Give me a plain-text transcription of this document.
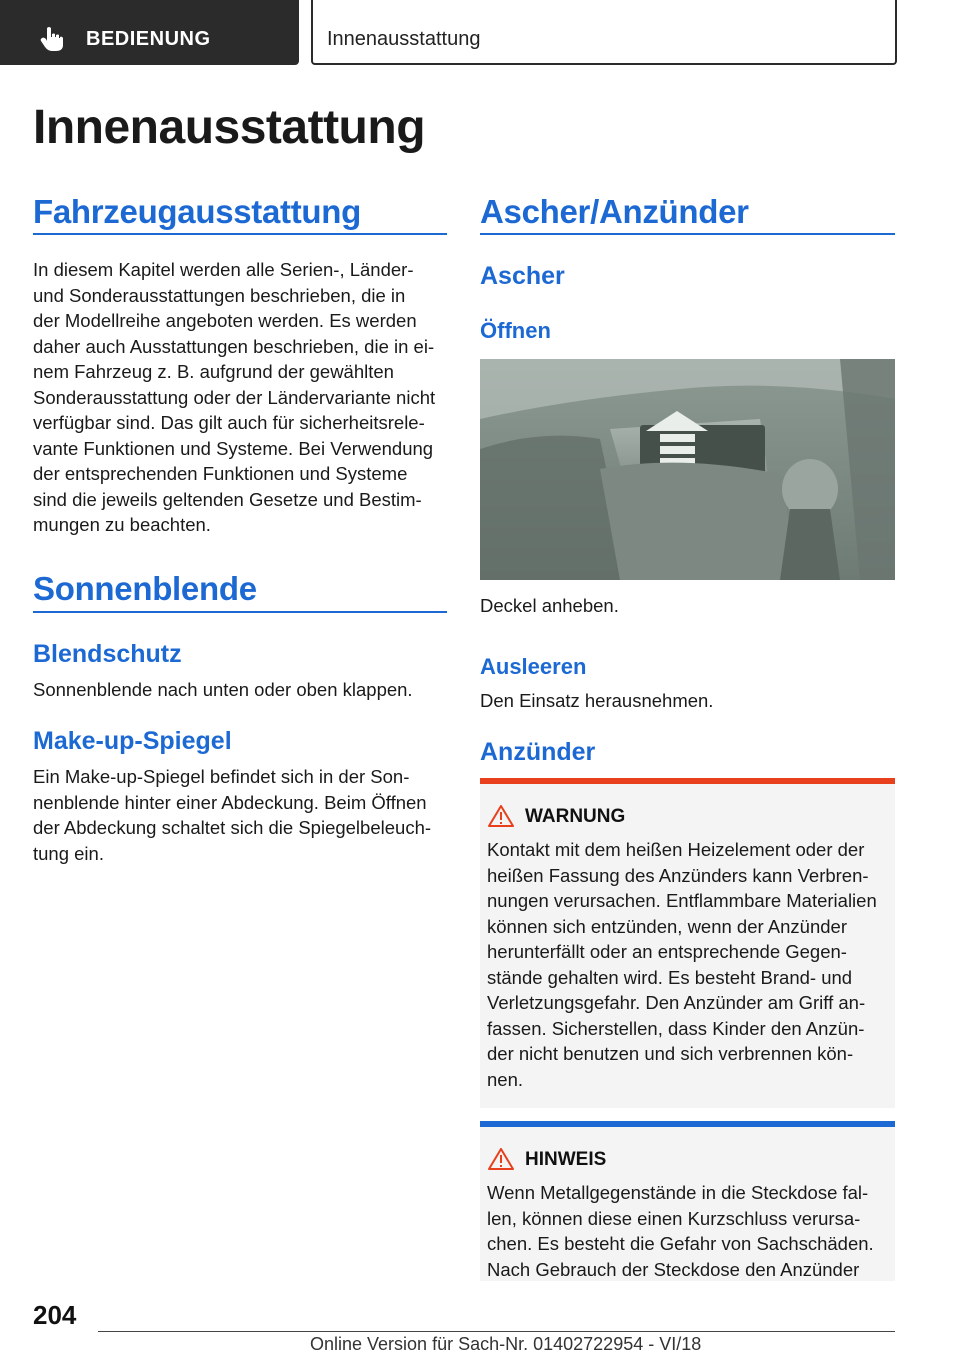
BEDIENUNG	Innenausstattung
Innenausstattung
Fahrzeugausstattung
In diesem Kapitel werden alle Serien-, Länder-
und Sonderausstattungen beschrieben, die in
der Modellreihe angeboten werden. Es werden
daher auch Ausstattungen beschrieben, die in ei-
nem Fahrzeug z. B. aufgrund der gewählten
Sonderausstattung oder der Ländervariante nicht
verfügbar sind. Das gilt auch für sicherheitsrele-
vante Funktionen und Systeme. Bei Verwendung
der entsprechenden Funktionen und Systeme
sind die jeweils geltenden Gesetze und Bestim-
mungen zu beachten.
Sonnenblende
Blendschutz
Sonnenblende nach unten oder oben klappen.
Make-up-Spiegel
Ein Make-up-Spiegel befindet sich in der Son-
nenblende hinter einer Abdeckung. Beim Öffnen
der Abdeckung schaltet sich die Spiegelbeleuch-
tung ein.
Ascher/Anzünder
Ascher
Öffnen
Deckel anheben.
Ausleeren
Den Einsatz herausnehmen.
Anzünder
WARNUNG
Kontakt mit dem heißen Heizelement oder der
heißen Fassung des Anzünders kann Verbren-
nungen verursachen. Entflammbare Materialien
können sich entzünden, wenn der Anzünder
herunterfällt oder an entsprechende Gegen-
stände gehalten wird. Es besteht Brand- und
Verletzungsgefahr. Den Anzünder am Griff an-
fassen. Sicherstellen, dass Kinder den Anzün-
der nicht benutzen und sich verbrennen kön-
nen.
HINWEIS
Wenn Metallgegenstände in die Steckdose fal-
len, können diese einen Kurzschluss verursa-
chen. Es besteht die Gefahr von Sachschäden.
Nach Gebrauch der Steckdose den Anzünder
204
Online Version für Sach-Nr. 01402722954 - VI/18
